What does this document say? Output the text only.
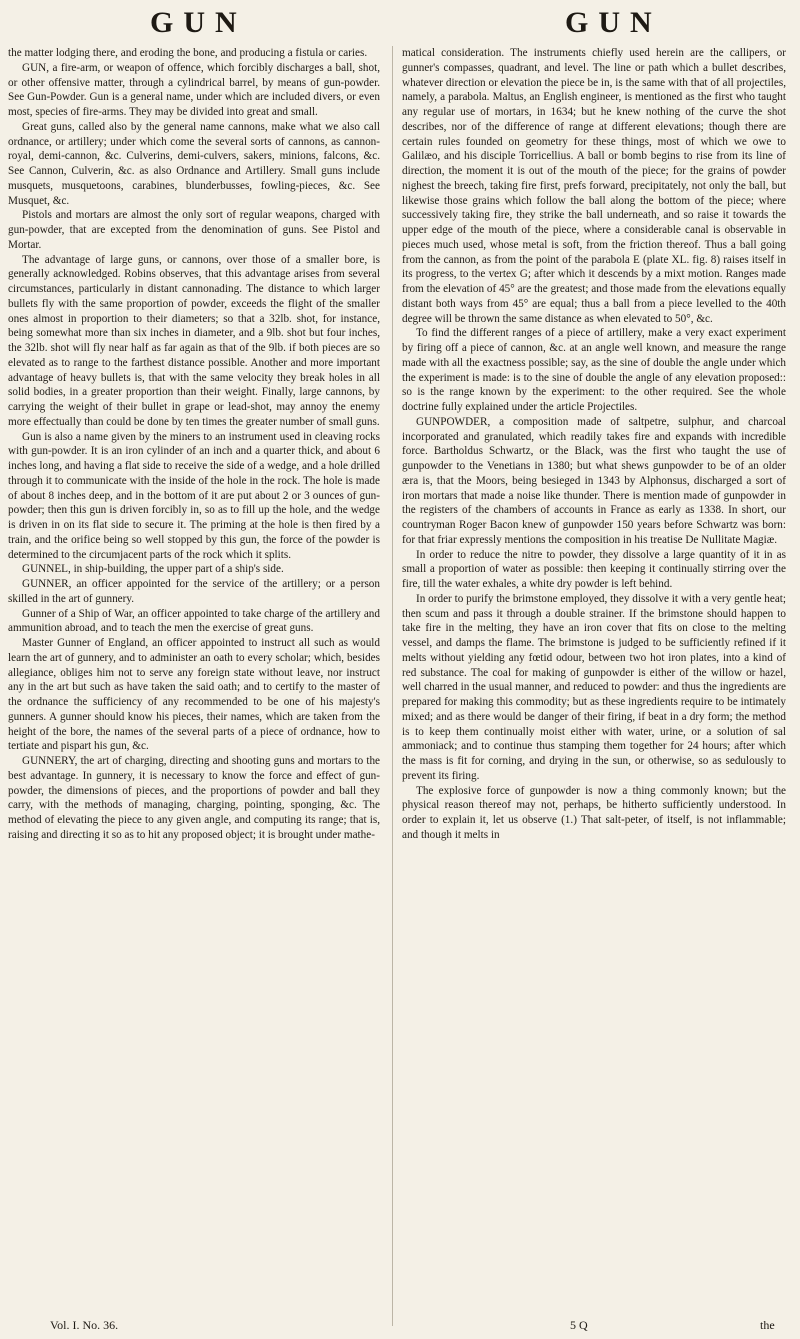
GUN	GUN

the matter lodging there, and eroding the bone, and producing a fistula or caries.

GUN, a fire-arm, or weapon of offence, which forcibly discharges a ball, shot, or other offensive matter, through a cylindrical barrel, by means of gun-powder. See Gun-Powder. Gun is a general name, under which are included divers, or even most, species of fire-arms. They may be divided into great and small.

Great guns, called also by the general name cannons, make what we also call ordnance, or artillery; under which come the several sorts of cannons, as cannon-royal, demi-cannon, &c. Culverins, demi-culvers, sakers, minions, falcons, &c. See Cannon, Culverin, &c. as also Ordnance and Artillery. Small guns include musquets, musquetoons, carabines, blunderbusses, fowling-pieces, &c. See Musquet, &c.

Pistols and mortars are almost the only sort of regular weapons, charged with gun-powder, that are excepted from the denomination of guns. See Pistol and Mortar.

The advantage of large guns, or cannons, over those of a smaller bore, is generally acknowledged. Robins observes, that this advantage arises from several circumstances, particularly in distant cannonading. The distance to which larger bullets fly with the same proportion of powder, exceeds the flight of the smaller ones almost in proportion to their diameters; so that a 32lb. shot, for instance, being somewhat more than six inches in diameter, and a 9lb. shot but four inches, the 32lb. shot will fly near half as far again as that of the 9lb. if both pieces are so elevated as to range to the farthest distance possible. Another and more important advantage of heavy bullets is, that with the same velocity they break holes in all solid bodies, in a greater proportion than their weight. Finally, large cannons, by carrying the weight of their bullet in grape or lead-shot, may annoy the enemy more effectually than could be done by ten times the greater number of small guns.

Gun is also a name given by the miners to an instrument used in cleaving rocks with gun-powder. It is an iron cylinder of an inch and a quarter thick, and about 6 inches long, and having a flat side to receive the side of a wedge, and a hole drilled through it to communicate with the inside of the hole in the rock. The hole is made of about 8 inches deep, and in the bottom of it are put about 2 or 3 ounces of gun-powder; then this gun is driven forcibly in, so as to fill up the hole, and the wedge is driven in on its flat side to secure it. The priming at the hole is then fired by a train, and the orifice being so well stopped by this gun, the force of the powder is determined to the circumjacent parts of the rock which it splits.

GUNNEL, in ship-building, the upper part of a ship's side.

GUNNER, an officer appointed for the service of the artillery; or a person skilled in the art of gunnery.

Gunner of a Ship of War, an officer appointed to take charge of the artillery and ammunition abroad, and to teach the men the exercise of great guns.

Master Gunner of England, an officer appointed to instruct all such as would learn the art of gunnery, and to administer an oath to every scholar; which, besides allegiance, obliges him not to serve any foreign state without leave, nor instruct any in the art but such as have taken the said oath; and to certify to the master of the ordnance the sufficiency of any recommended to be one of his majesty's gunners. A gunner should know his pieces, their names, which are taken from the height of the bore, the names of the several parts of a piece of ordnance, how to tertiate and pispart his gun, &c.

GUNNERY, the art of charging, directing and shooting guns and mortars to the best advantage. In gunnery, it is necessary to know the force and effect of gun-powder, the dimensions of pieces, and the proportions of powder and ball they carry, with the methods of managing, charging, pointing, sponging, &c. The method of elevating the piece to any given angle, and computing its range; that is, raising and directing it so as to hit any proposed object; it is brought under mathe-

matical consideration. The instruments chiefly used herein are the callipers, or gunner's compasses, quadrant, and level. The line or path which a bullet describes, whatever direction or elevation the piece be in, is the same with that of all projectiles, namely, a parabola. Maltus, an English engineer, is mentioned as the first who taught any regular use of mortars, in 1634; but he knew nothing of the curve the shot describes, nor of the difference of range at different elevations; though there are certain rules founded on geometry for these things, most of which we owe to Galilæo, and his disciple Torricellius. A ball or bomb begins to rise from its line of direction, the moment it is out of the mouth of the piece; for the grains of powder nighest the breech, taking fire first, prefs forward, precipitately, not only the ball, but likewise those grains which follow the ball along the bottom of the piece; where successively taking fire, they strike the ball underneath, and so raise it towards the upper edge of the mouth of the piece, where a considerable canal is observable in pieces much used, whose metal is soft, from the friction thereof. Thus a ball going from the cannon, as from the point of the parabola E (plate XL. fig. 8) raises itself in its progress, to the vertex G; after which it descends by a mixt motion. Ranges made from the elevation of 45° are the greatest; and those made from the elevations equally distant both ways from 45° are equal; thus a ball from a piece levelled to the 40th degree will be thrown the same distance as when elevated to 50°, &c.

To find the different ranges of a piece of artillery, make a very exact experiment by firing off a piece of cannon, &c. at an angle well known, and measure the range made with all the exactness possible; say, as the sine of double the angle under which the experiment is made: is to the sine of double the angle of any elevation proposed:: so is the range known by the experiment: to the other required. See the whole doctrine fully explained under the article Projectiles.

GUNPOWDER, a composition made of saltpetre, sulphur, and charcoal incorporated and granulated, which readily takes fire and expands with incredible force. Bartholdus Schwartz, or the Black, was the first who taught the use of gunpowder to the Venetians in 1380; but what shews gunpowder to be of an older æra is, that the Moors, being besieged in 1343 by Alphonsus, discharged a sort of iron mortars that made a noise like thunder. There is mention made of gunpowder in the registers of the chambers of accounts in France as early as 1338. In short, our countryman Roger Bacon knew of gunpowder 150 years before Schwartz was born: for that friar expressly mentions the composition in his treatise De Nullitate Magiæ.

In order to reduce the nitre to powder, they dissolve a large quantity of it in as small a proportion of water as possible: then keeping it continually stirring over the fire, till the water exhales, a white dry powder is left behind.

In order to purify the brimstone employed, they dissolve it with a very gentle heat; then scum and pass it through a double strainer. If the brimstone should happen to take fire in the melting, they have an iron cover that fits on close to the melting vessel, and damps the flame. The brimstone is judged to be sufficiently refined if it melts without yielding any fœtid odour, between two hot iron plates, into a kind of red substance. The coal for making of gunpowder is either of the willow or hazel, well charred in the usual manner, and reduced to powder: and thus the ingredients are prepared for making this commodity; but as these ingredients require to be intimately mixed; and as there would be danger of their firing, if beat in a dry form; the method is to keep them continually moist either with water, urine, or a solution of sal ammoniack; and to continue thus stamping them together for 24 hours; after which the mass is fit for corning, and drying in the sun, or otherwise, so as sedulously to prevent its firing.

The explosive force of gunpowder is now a thing commonly known; but the physical reason thereof may not, perhaps, be hitherto sufficiently understood. In order to explain it, let us observe (1.) That salt-peter, of itself, is not inflammable; and though it melts in

Vol. I. No. 36.	5 Q	the
